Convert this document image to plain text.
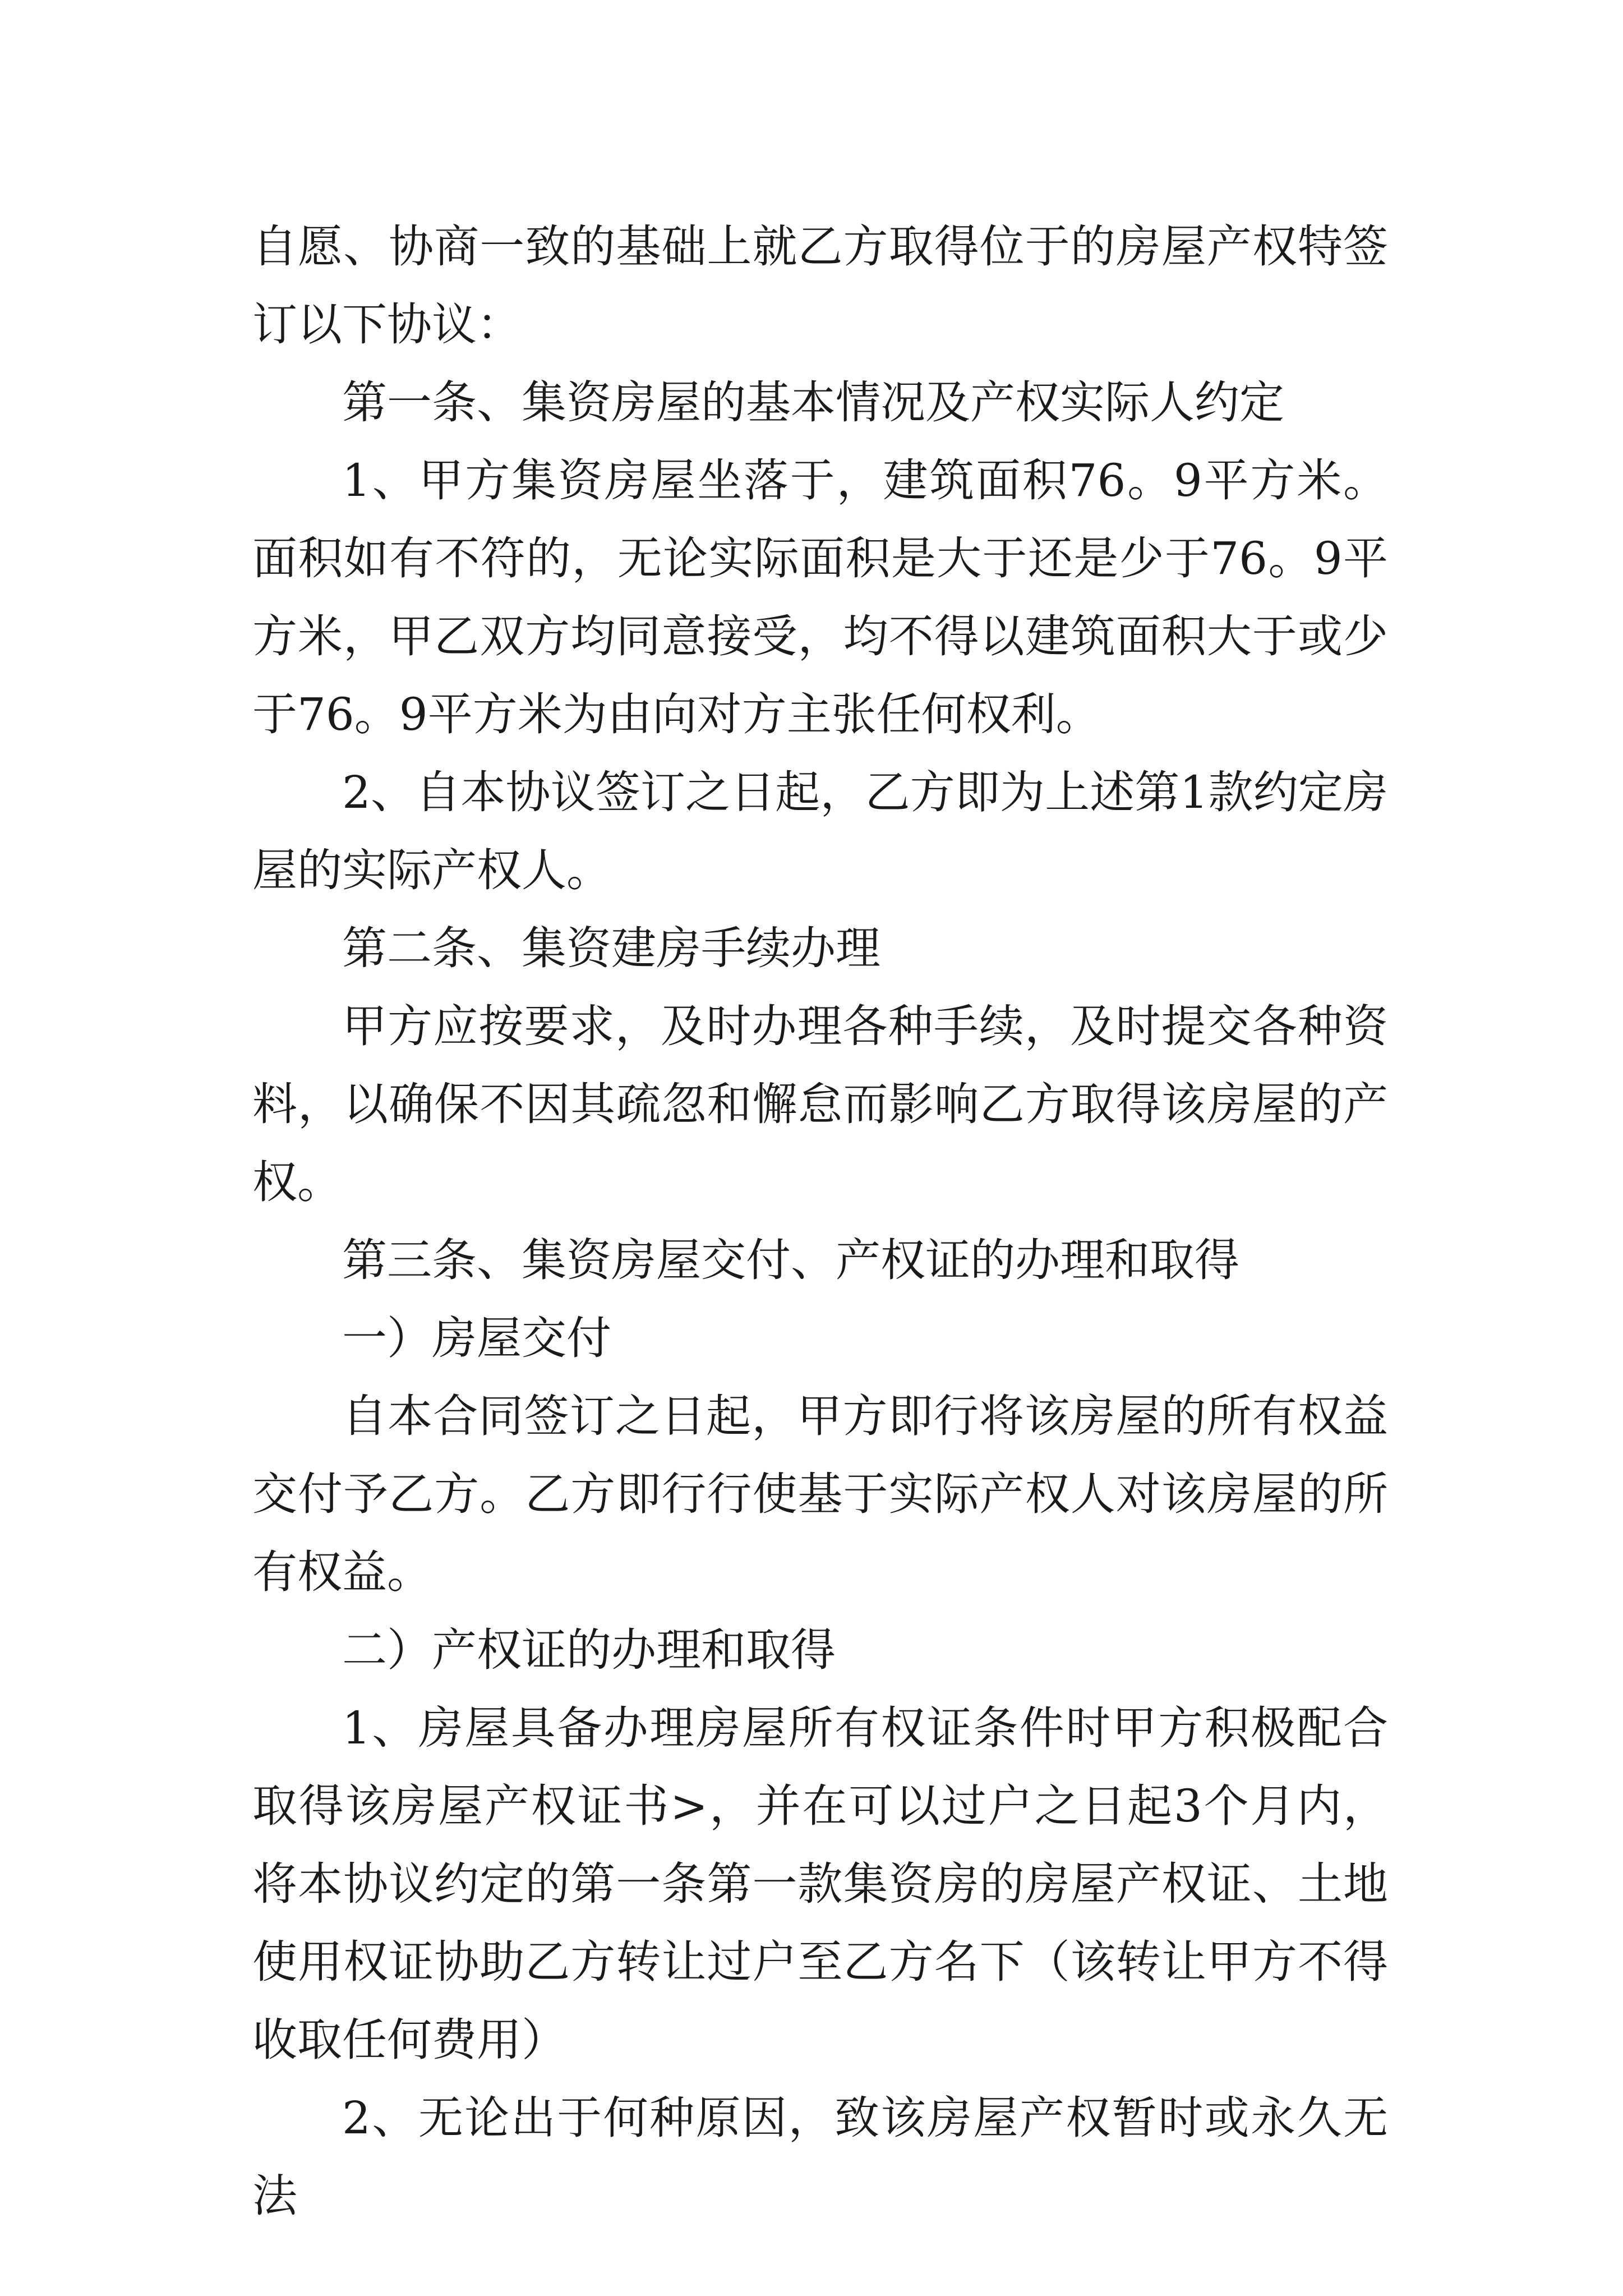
自愿、协商一致的基础上就乙方取得位于的房屋产权特签订以下协议：

第一条、集资房屋的基本情况及产权实际人约定

1、甲方集资房屋坐落于，建筑面积76。9平方米。面积如有不符的，无论实际面积是大于还是少于76。9平方米，甲乙双方均同意接受，均不得以建筑面积大于或少于76。9平方米为由向对方主张任何权利。

2、自本协议签订之日起，乙方即为上述第1款约定房屋的实际产权人。

第二条、集资建房手续办理

甲方应按要求，及时办理各种手续，及时提交各种资料，以确保不因其疏忽和懈怠而影响乙方取得该房屋的产权。

第三条、集资房屋交付、产权证的办理和取得

一）房屋交付

自本合同签订之日起，甲方即行将该房屋的所有权益交付予乙方。乙方即行行使基于实际产权人对该房屋的所有权益。

二）产权证的办理和取得

1、房屋具备办理房屋所有权证条件时甲方积极配合取得该房屋产权证书>，并在可以过户之日起3个月内，将本协议约定的第一条第一款集资房的房屋产权证、土地使用权证协助乙方转让过户至乙方名下（该转让甲方不得收取任何费用）

2、无论出于何种原因，致该房屋产权暂时或永久无法
